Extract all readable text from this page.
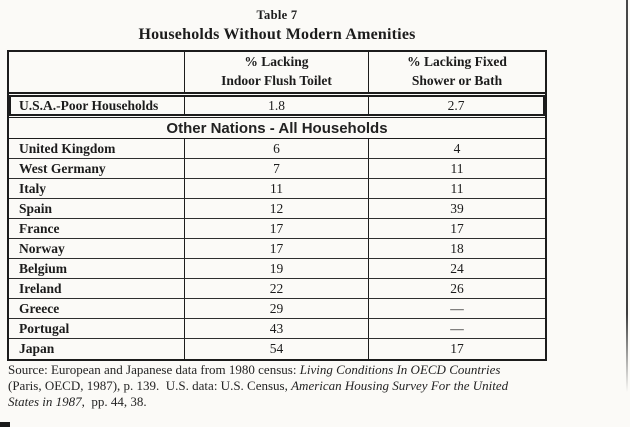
Table 7
Households Without Modern Amenities
% Lacking
Indoor Flush Toilet
% Lacking Fixed
Shower or Bath
U.S.A.-Poor Households	1.8	2.7
Other Nations - All Households
United Kingdom	6	4
West Germany	7	11
Italy	11	11
Spain	12	39
France	17	17
Norway	17	18
Belgium	19	24
Ireland	22	26
Greece	29	—
Portugal	43	—
Japan	54	17
Source: European and Japanese data from 1980 census: Living Conditions In OECD Countries
(Paris, OECD, 1987), p. 139.  U.S. data: U.S. Census, American Housing Survey For the United
States in 1987,  pp. 44, 38.
